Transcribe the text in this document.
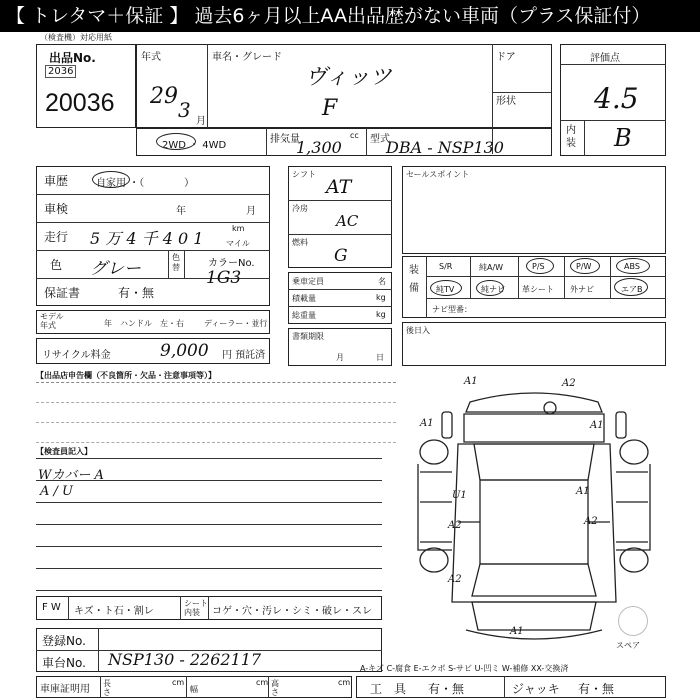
【 トレタマ＋保証 】 過去6ヶ月以上AA出品歴がない車両（プラス保証付）
（検査機）対応用紙
出品No.
2036
20036
年式
29
3 月
車名・グレード
ヴィッツ
F
ドア
形状
評価点
4.5
内装 B
2WD ・ 4WD
排気量
1,300
cc 型式
DBA - NSP130
車歴	自家用 ・（　　　　）
車検	年	月
走行 5 万 4 千 4 0 1
km
マイル
色 グレー
色替	カラーNo.
1G3
保証書	有・無
モデル年式	年 ハンドル　左・右	ディーラー・並行
リサイクル料金	9,000 円 預託済
シフト
AT
冷房
AC
燃料
G
乗車定員	名
積載量	kg
総重量	kg
書類期限
月	日
セールスポイント
装備
S/R	純A/W	P/S	P/W	ABS
純TV	純ナビ 革シート 外ナビ	エアB
ナビ型番：
後日入
【出品店申告欄（不良箇所・欠品・注意事項等）】
【検査員記入】
Wカバー A
A / U
F W キズ・ト石・割レ
シート内装	コゲ・穴・汚レ・シミ・破レ・スレ
登録No.
車台No. NSP130 - 2262117
車庫証明用
長さ
cm
幅
cm 高さ
cm
A1	A2
A1	A1
A1
U1
A2	A2
A2
A1
スペア
A-キズ C-腐食 E-エクボ S-サビ U-凹ミ W-補修 XX-交換済
工　具 有・無	ジャッキ 有・無
